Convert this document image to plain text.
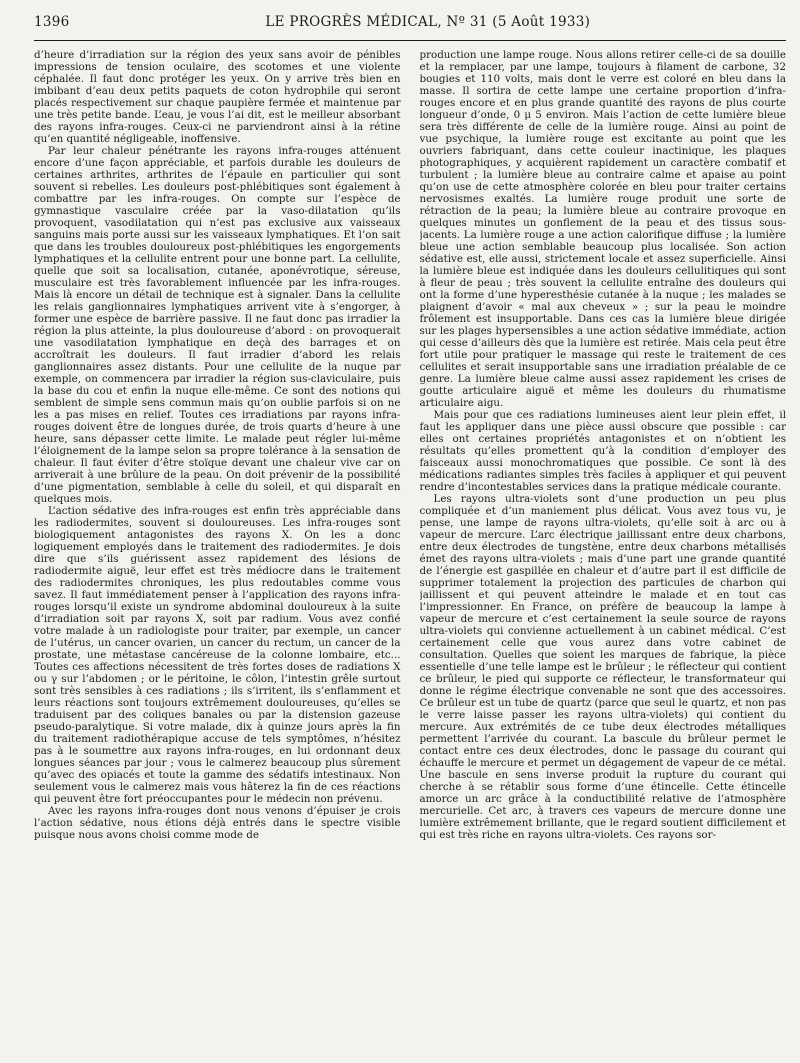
1396	LE PROGRÈS MÉDICAL, Nº 31 (5 Août 1933)

d’heure d’irradiation sur la région des yeux sans avoir de pénibles impressions de tension oculaire, des scotomes et une violente céphalée. Il faut donc protéger les yeux. On y arrive très bien en imbibant d’eau deux petits paquets de coton hydrophile qui seront placés respectivement sur chaque paupière fermée et maintenue par une très petite bande. L’eau, je vous l’ai dit, est le meilleur absorbant des rayons infra-rouges. Ceux-ci ne parviendront ainsi à la rétine qu’en quantité négligeable, inoffensive.

Par leur chaleur pénétrante les rayons infra-rouges atténuent encore d’une façon appréciable, et parfois durable les douleurs de certaines arthrites, arthrites de l’épaule en particulier qui sont souvent si rebelles. Les douleurs post-phlébitiques sont également à combattre par les infra-rouges. On compte sur l’espèce de gymnastique vasculaire créée par la vaso-dilatation qu’ils provoquent, vasodilatation qui n’est pas exclusive aux vaisseaux sanguins mais porte aussi sur les vaisseaux lymphatiques. Et l’on sait que dans les troubles douloureux post-phlébitiques les engorgements lymphatiques et la cellulite entrent pour une bonne part. La cellulite, quelle que soit sa localisation, cutanée, aponévrotique, séreuse, musculaire est très favorablement influencée par les infra-rouges. Mais là encore un détail de technique est à signaler. Dans la cellulite les relais ganglionnaires lymphatiques arrivent vite à s’engorger, à former une espèce de barrière passive. Il ne faut donc pas irradier la région la plus atteinte, la plus douloureuse d’abord : on provoquerait une vasodilatation lymphatique en deçà des barrages et on accroîtrait les douleurs. Il faut irradier d’abord les relais ganglionnaires assez distants. Pour une cellulite de la nuque par exemple, on commencera par irradier la région sus-claviculaire, puis la base du cou et enfin la nuque elle-même. Ce sont des notions qui semblent de simple sens commun mais qu’on oublie parfois si on ne les a pas mises en relief. Toutes ces irradiations par rayons infra-rouges doivent être de longues durée, de trois quarts d’heure à une heure, sans dépasser cette limite. Le malade peut régler lui-même l’éloignement de la lampe selon sa propre tolérance à la sensation de chaleur. Il faut éviter d’être stoïque devant une chaleur vive car on arriverait à une brûlure de la peau. On doit prévenir de la possibilité d’une pigmentation, semblable à celle du soleil, et qui disparaît en quelques mois.

L’action sédative des infra-rouges est enfin très appréciable dans les radiodermites, souvent si douloureuses. Les infra-rouges sont biologiquement antagonistes des rayons X. On les a donc logiquement employés dans le traitement des radiodermites. Je dois dire que s’ils guérissent assez rapidement des lésions de radiodermite aiguë, leur effet est très médiocre dans le traitement des radiodermites chroniques, les plus redoutables comme vous savez. Il faut immédiatement penser à l’application des rayons infra-rouges lorsqu’il existe un syndrome abdominal douloureux à la suite d’irradiation soit par rayons X, soit par radium. Vous avez confié votre malade à un radiologiste pour traiter, par exemple, un cancer de l’utérus, un cancer ovarien, un cancer du rectum, un cancer de la prostate, une métastase cancéreuse de la colonne lombaire, etc... Toutes ces affections nécessitent de très fortes doses de radiations X ou γ sur l’abdomen ; or le péritoine, le côlon, l’intestin grêle surtout sont très sensibles à ces radiations ; ils s’irritent, ils s’enflamment et leurs réactions sont toujours extrêmement douloureuses, qu’elles se traduisent par des coliques banales ou par la distension gazeuse pseudo-paralytique. Si votre malade, dix à quinze jours après la fin du traitement radiothérapique accuse de tels symptômes, n’hésitez pas à le soumettre aux rayons infra-rouges, en lui ordonnant deux longues séances par jour ; vous le calmerez beaucoup plus sûrement qu’avec des opiacés et toute la gamme des sédatifs intestinaux. Non seulement vous le calmerez mais vous hâterez la fin de ces réactions qui peuvent être fort préoccupantes pour le médecin non prévenu.

Avec les rayons infra-rouges dont nous venons d’épuiser je crois l’action sédative, nous étions déjà entrés dans le spectre visible puisque nous avons choisi comme mode de

production une lampe rouge. Nous allons retirer celle-ci de sa douille et la remplacer, par une lampe, toujours à filament de carbone, 32 bougies et 110 volts, mais dont le verre est coloré en bleu dans la masse. Il sortira de cette lampe une certaine proportion d’infra-rouges encore et en plus grande quantité des rayons de plus courte longueur d’onde, 0 μ 5 environ. Mais l’action de cette lumière bleue sera très différente de celle de la lumière rouge. Ainsi au point de vue psychique, la lumière rouge est excitante au point que les ouvriers fabriquant, dans cette couleur inactinique, les plaques photographiques, y acquièrent rapidement un caractère combatif et turbulent ; la lumière bleue au contraire calme et apaise au point qu’on use de cette atmosphère colorée en bleu pour traiter certains nervosismes exaltés. La lumière rouge produit une sorte de rétraction de la peau; la lumière bleue au contraire provoque en quelques minutes un gonflement de la peau et des tissus sous-jacents. La lumière rouge a une action calorifique diffuse ; la lumière bleue une action semblable beaucoup plus localisée. Son action sédative est, elle aussi, strictement locale et assez superficielle. Ainsi la lumière bleue est indiquée dans les douleurs cellulitiques qui sont à fleur de peau ; très souvent la cellulite entraîne des douleurs qui ont la forme d’une hyperesthésie cutanée à la nuque ; les malades se plaignent d’avoir « mal aux cheveux » ; sur la peau le moindre frôlement est insupportable. Dans ces cas la lumière bleue dirigée sur les plages hypersensibles a une action sédative immédiate, action qui cesse d’ailleurs dès que la lumière est retirée. Mais cela peut être fort utile pour pratiquer le massage qui reste le traitement de ces cellulites et serait insupportable sans une irradiation préalable de ce genre. La lumière bleue calme aussi assez rapidement les crises de goutte articulaire aiguë et même les douleurs du rhumatisme articulaire aigu.

Mais pour que ces radiations lumineuses aient leur plein effet, il faut les appliquer dans une pièce aussi obscure que possible : car elles ont certaines propriétés antagonistes et on n’obtient les résultats qu’elles promettent qu’à la condition d’employer des faisceaux aussi monochromatiques que possible. Ce sont là des médications radiantes simples très faciles à appliquer et qui peuvent rendre d’incontestables services dans la pratique médicale courante.

Les rayons ultra-violets sont d’une production un peu plus compliquée et d’un maniement plus délicat. Vous avez tous vu, je pense, une lampe de rayons ultra-violets, qu’elle soit à arc ou à vapeur de mercure. L’arc électrique jaillissant entre deux charbons, entre deux électrodes de tungstène, entre deux charbons métallisés émet des rayons ultra-violets ; mais d’une part une grande quantité de l’énergie est gaspillée en chaleur et d’autre part il est difficile de supprimer totalement la projection des particules de charbon qui jaillissent et qui peuvent atteindre le malade et en tout cas l’impressionner. En France, on préfère de beaucoup la lampe à vapeur de mercure et c’est certainement la seule source de rayons ultra-violets qui convienne actuellement à un cabinet médical. C’est certainement celle que vous aurez dans votre cabinet de consultation. Quelles que soient les marques de fabrique, la pièce essentielle d’une telle lampe est le brûleur ; le réflecteur qui contient ce brûleur, le pied qui supporte ce réflecteur, le transformateur qui donne le régime électrique convenable ne sont que des accessoires. Ce brûleur est un tube de quartz (parce que seul le quartz, et non pas le verre laisse passer les rayons ultra-violets) qui contient du mercure. Aux extrémités de ce tube deux électrodes métalliques permettent l’arrivée du courant. La bascule du brûleur permet le contact entre ces deux électrodes, donc le passage du courant qui échauffe le mercure et permet un dégagement de vapeur de ce métal. Une bascule en sens inverse produit la rupture du courant qui cherche à se rétablir sous forme d’une étincelle. Cette étincelle amorce un arc grâce à la conductibilité relative de l’atmosphère mercurielle. Cet arc, à travers ces vapeurs de mercure donne une lumière extrêmement brillante, que le regard soutient difficilement et qui est très riche en rayons ultra-violets. Ces rayons sor-
